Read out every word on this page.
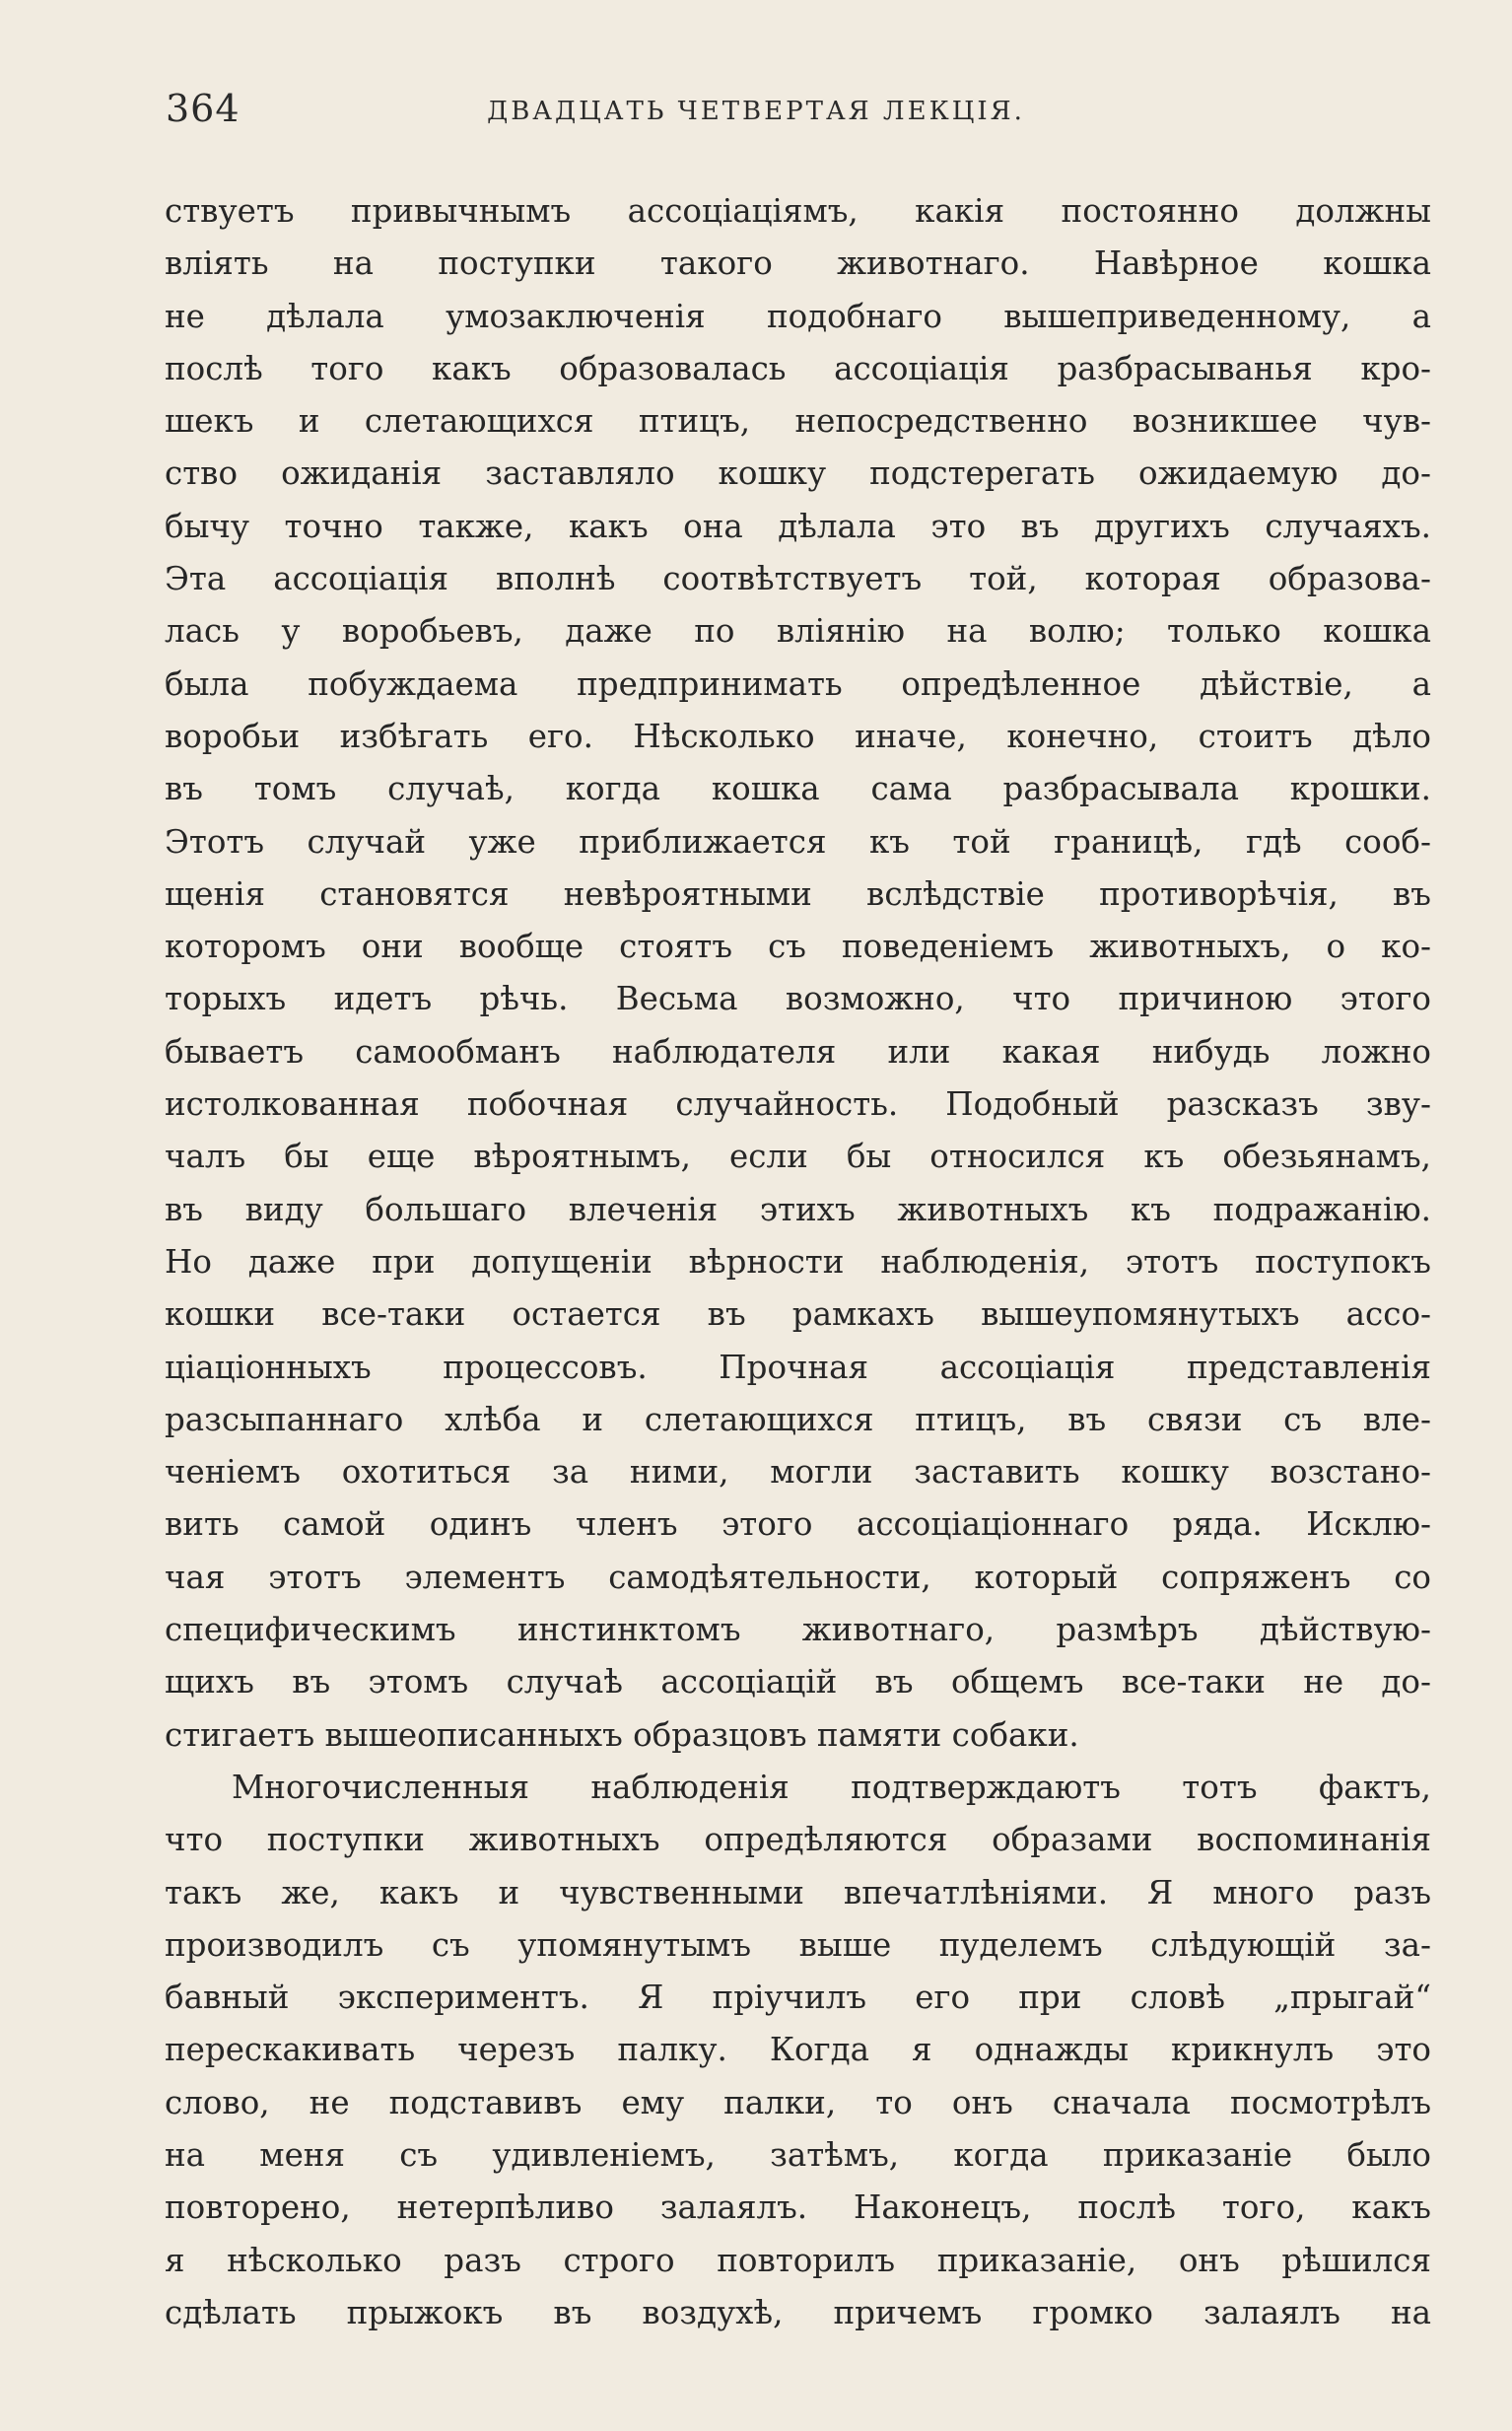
364	ДВАДЦАТЬ ЧЕТВЕРТАЯ ЛЕКЦІЯ.
ствуетъ привычнымъ ассоціаціямъ, какія постоянно должны
вліять на поступки такого животнаго. Навѣрное кошка
не дѣлала умозаключенія подобнаго вышеприведенному, а
послѣ того какъ образовалась ассоціація разбрасыванья кро-
шекъ и слетающихся птицъ, непосредственно возникшее чув-
ство ожиданія заставляло кошку подстерегать ожидаемую до-
бычу точно также, какъ она дѣлала это въ другихъ случаяхъ.
Эта ассоціація вполнѣ соотвѣтствуетъ той, которая образова-
лась у воробьевъ, даже по вліянію на волю; только кошка
была побуждаема предпринимать опредѣленное дѣйствіе, а
воробьи избѣгать его. Нѣсколько иначе, конечно, стоитъ дѣло
въ томъ случаѣ, когда кошка сама разбрасывала крошки.
Этотъ случай уже приближается къ той границѣ, гдѣ сооб-
щенія становятся невѣроятными вслѣдствіе противорѣчія, въ
которомъ они вообще стоятъ съ поведеніемъ животныхъ, о ко-
торыхъ идетъ рѣчь. Весьма возможно, что причиною этого
бываетъ самообманъ наблюдателя или какая нибудь ложно
истолкованная побочная случайность. Подобный разсказъ зву-
чалъ бы еще вѣроятнымъ, если бы относился къ обезьянамъ,
въ виду большаго влеченія этихъ животныхъ къ подражанію.
Но даже при допущеніи вѣрности наблюденія, этотъ поступокъ
кошки все-таки остается въ рамкахъ вышеупомянутыхъ ассо-
ціаціонныхъ процессовъ. Прочная ассоціація представленія
разсыпаннаго хлѣба и слетающихся птицъ, въ связи съ вле-
ченіемъ охотиться за ними, могли заставить кошку возстано-
вить самой одинъ членъ этого ассоціаціоннаго ряда. Исклю-
чая этотъ элементъ самодѣятельности, который сопряженъ со
специфическимъ инстинктомъ животнаго, размѣръ дѣйствую-
щихъ въ этомъ случаѣ ассоціацій въ общемъ все-таки не до-
стигаетъ вышеописанныхъ образцовъ памяти собаки.
Многочисленныя наблюденія подтверждаютъ тотъ фактъ,
что поступки животныхъ опредѣляются образами воспоминанія
такъ же, какъ и чувственными впечатлѣніями. Я много разъ
производилъ съ упомянутымъ выше пуделемъ слѣдующій за-
бавный экспериментъ. Я пріучилъ его при словѣ „прыгай“
перескакивать черезъ палку. Когда я однажды крикнулъ это
слово, не подставивъ ему палки, то онъ сначала посмотрѣлъ
на меня съ удивленіемъ, затѣмъ, когда приказаніе было
повторено, нетерпѣливо залаялъ. Наконецъ, послѣ того, какъ
я нѣсколько разъ строго повторилъ приказаніе, онъ рѣшился
сдѣлать прыжокъ въ воздухѣ, причемъ громко залаялъ на
